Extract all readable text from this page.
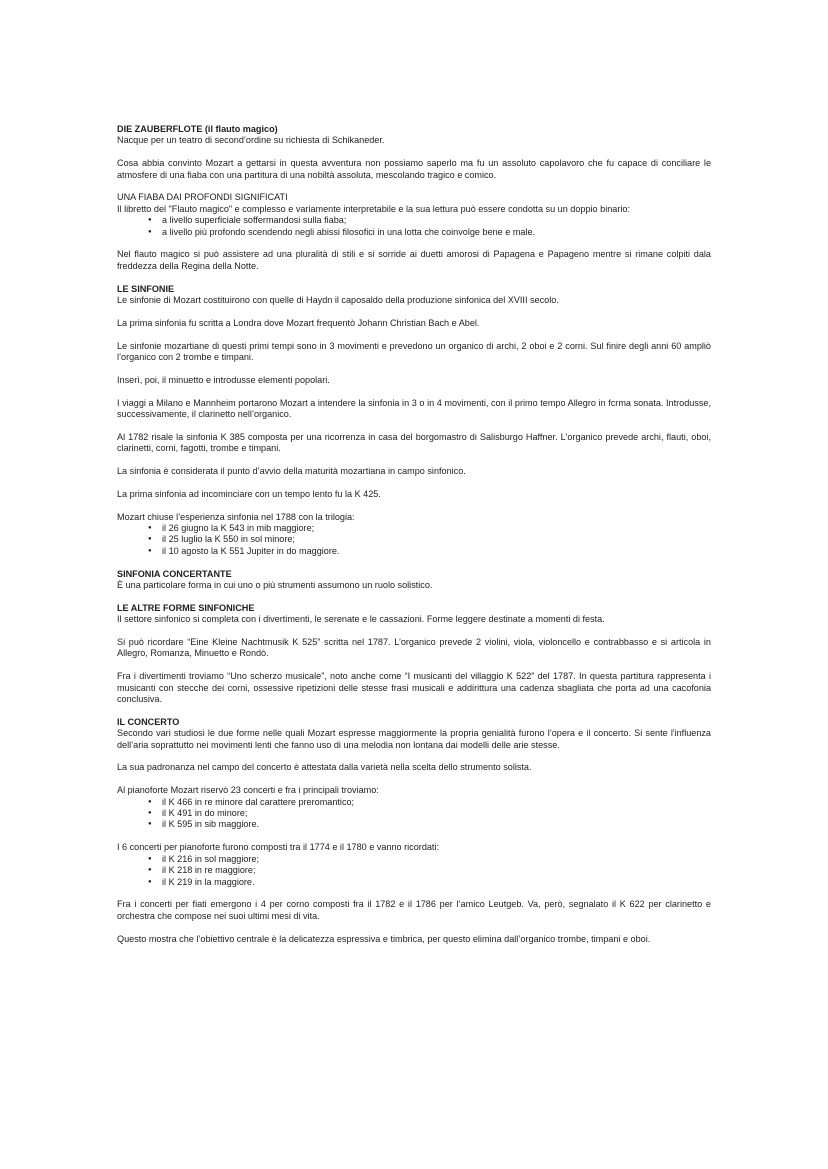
DIE ZAUBERFLOTE (il flauto magico)

Nacque per un teatro di second’ordine su richiesta di Schikaneder.

Cosa abbia convinto Mozart a gettarsi in questa avventura non possiamo saperlo ma fu un assoluto capolavoro che fu capace di conciliare le atmosfere di una fiaba con una partitura di una nobiltà assoluta, mescolando tragico e comico.

UNA FIABA DAI PROFONDI SIGNIFICATI

Il libretto del "Flauto magico" e complesso e variamente interpretabile e la sua lettura può essere condotta su un doppio binario:

● a livello superficiale soffermandosi sulla fiaba;
● a livello più profondo scendendo negli abissi filosofici in una lotta che coinvolge bene e male.

Nel flauto magico si può assistere ad una pluralità di stili e si sorride ai duetti amorosi di Papagena e Papageno mentre si rimane colpiti dala freddezza della Regina della Notte.

LE SINFONIE

Le sinfonie di Mozart costituirono con quelle di Haydn il caposaldo della produzione sinfonica del XVIII secolo.

La prima sinfonia fu scritta a Londra dove Mozart frequentò Johann Christian Bach e Abel.

Le sinfonie mozartiane di questi primi tempi sono in 3 movimenti e prevedono un organico di archi, 2 oboi e 2 corni. Sul finire degli anni 60 ampliò l’organico con 2 trombe e timpani.

Inserì, poi, il minuetto e introdusse elementi popolari.

I viaggi a Milano e Mannheim portarono Mozart a intendere la sinfonia in 3 o in 4 movimenti, con il primo tempo Allegro in fcrma sonata. Introdusse, successivamente, il clarinetto nell’organico.

Al 1782 risale la sinfonia K 385 composta per una ricorrenza in casa del borgomastro di Salisburgo Haffner. L'organico prevede archi, flauti, oboi, clarinetti, corni, fagotti, trombe e timpani.

La sinfonia è considerata il punto d’avvio della maturità mozartiana in campo sinfonico.

La prima sinfonia ad incominciare con un tempo lento fu la K 425.

Mozart chiuse l’esperienza sinfonia nel 1788 con la trilogia:

● il 26 giugno la K 543 in mib maggiore;
● il 25 luglio la K 550 in sol minore;
● il 10 agosto la K 551 Jupiter in do maggiore.
SINFONIA CONCERTANTE

È una particolare forma in cui uno o più strumenti assumono un ruolo solistico.

LE ALTRE FORME SINFONICHE

Il settore sinfonico si completa con i divertimenti, le serenate e le cassazioni. Forme leggere destinate a momenti di festa.

Si può ricordare “Eine Kleine Nachtmusik K 525” scritta nel 1787. L’organico prevede 2 violini, viola, violoncello e contrabbasso e si articola in Allegro, Romanza, Minuetto e Rondò.

Fra i divertimenti troviamo “Uno scherzo musicale”, noto anche come “I musicanti del villaggio K 522” del 1787. In questa partitura rappresenta i musicanti con stecche dei corni, ossessive ripetizioni delle stesse frasi musicali e addirittura una cadenza sbagliata che porta ad una cacofonia conclusiva.

IL CONCERTO

Secondo vari studiosi le due forme nelle quali Mozart espresse maggiormente la propria genialità furono l’opera e il concerto. Si sente l'influenza dell’aria soprattutto nei movimenti lenti che fanno uso di una melodia non lontana dai modelli delle arie stesse.

La sua padronanza nel campo del concerto è attestata dalla varietà nella scelta dello strumento solista.

Al pianoforte Mozart riservò 23 concerti e fra i principali troviamo:

● il K 466 in re minore dal carattere preromantico;
● il K 491 in do minore;
● il K 595 in sib maggiore.

I 6 concerti per pianoforte furono composti tra il 1774 e il 1780 e vanno ricordati:

● il K 216 in sol maggiore;
● il K 218 in re maggiore;
● il K 219 in la maggiore.

Fra i concerti per fiati emergono i 4 per corno composti fra il 1782 e il 1786 per l’amico Leutgeb. Va, però, segnalato il K 622 per clarinetto e orchestra che compose nei suoi ultimi mesi di vita.

Questo mostra che l’obiettivo centrale è la delicatezza espressiva e timbrica, per questo elimina dall’organico trombe, timpani e oboi.
